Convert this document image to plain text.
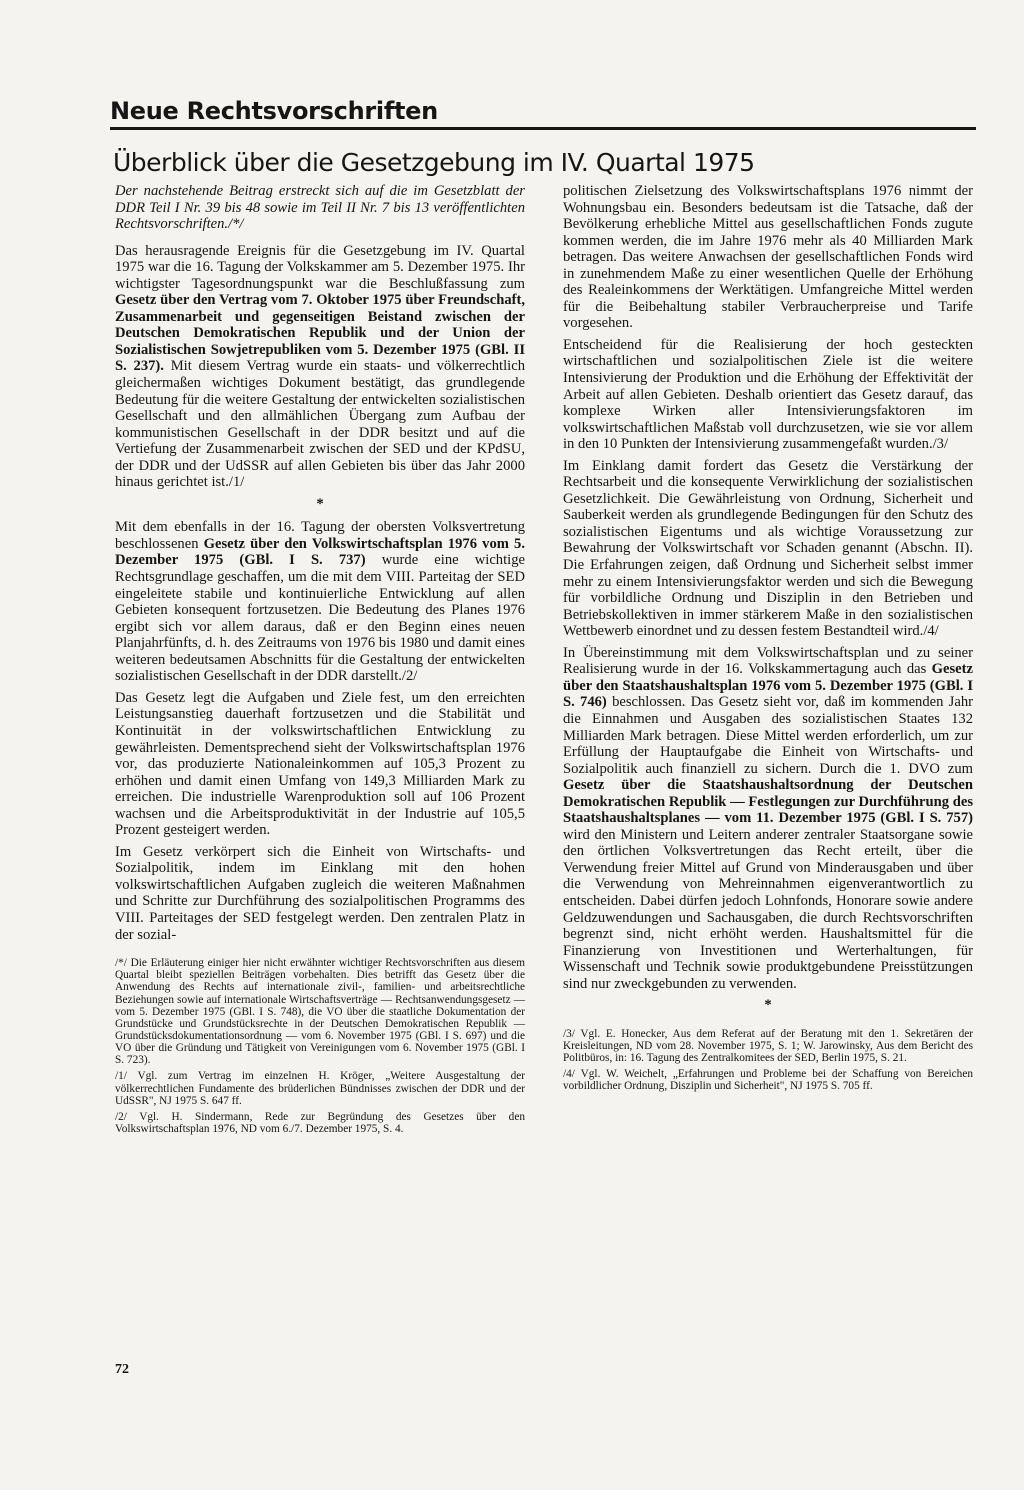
Neue Rechtsvorschriften
Überblick über die Gesetzgebung im IV. Quartal 1975

Der nachstehende Beitrag erstreckt sich auf die im Gesetzblatt der DDR Teil I Nr. 39 bis 48 sowie im Teil II Nr. 7 bis 13 veröffentlichten Rechtsvorschriften./*/

Das herausragende Ereignis für die Gesetzgebung im IV. Quartal 1975 war die 16. Tagung der Volkskammer am 5. Dezember 1975. Ihr wichtigster Tagesordnungspunkt war die Beschlußfassung zum Gesetz über den Vertrag vom 7. Oktober 1975 über Freundschaft, Zusammenarbeit und gegenseitigen Beistand zwischen der Deutschen Demokratischen Republik und der Union der Sozialistischen Sowjetrepubliken vom 5. Dezember 1975 (GBl. II S. 237). Mit diesem Vertrag wurde ein staats- und völkerrechtlich gleichermaßen wichtiges Dokument bestätigt, das grundlegende Bedeutung für die weitere Gestaltung der entwickelten sozialistischen Gesellschaft und den allmählichen Übergang zum Aufbau der kommunistischen Gesellschaft in der DDR besitzt und auf die Vertiefung der Zusammenarbeit zwischen der SED und der KPdSU, der DDR und der UdSSR auf allen Gebieten bis über das Jahr 2000 hinaus gerichtet ist./1/

*

Mit dem ebenfalls in der 16. Tagung der obersten Volksvertretung beschlossenen Gesetz über den Volkswirtschaftsplan 1976 vom 5. Dezember 1975 (GBl. I S. 737) wurde eine wichtige Rechtsgrundlage geschaffen, um die mit dem VIII. Parteitag der SED eingeleitete stabile und kontinuierliche Entwicklung auf allen Gebieten konsequent fortzusetzen. Die Bedeutung des Planes 1976 ergibt sich vor allem daraus, daß er den Beginn eines neuen Planjahrfünfts, d. h. des Zeitraums von 1976 bis 1980 und damit eines weiteren bedeutsamen Abschnitts für die Gestaltung der entwickelten sozialistischen Gesellschaft in der DDR darstellt./2/

Das Gesetz legt die Aufgaben und Ziele fest, um den erreichten Leistungsanstieg dauerhaft fortzusetzen und die Stabilität und Kontinuität in der volkswirtschaftlichen Entwicklung zu gewährleisten. Dementsprechend sieht der Volkswirtschaftsplan 1976 vor, das produzierte Nationaleinkommen auf 105,3 Prozent zu erhöhen und damit einen Umfang von 149,3 Milliarden Mark zu erreichen. Die industrielle Warenproduktion soll auf 106 Prozent wachsen und die Arbeitsproduktivität in der Industrie auf 105,5 Prozent gesteigert werden.

Im Gesetz verkörpert sich die Einheit von Wirtschafts- und Sozialpolitik, indem im Einklang mit den hohen volkswirtschaftlichen Aufgaben zugleich die weiteren Maßnahmen und Schritte zur Durchführung des sozialpolitischen Programms des VIII. Parteitages der SED festgelegt werden. Den zentralen Platz in der sozial-

/*/ Die Erläuterung einiger hier nicht erwähnter wichtiger Rechtsvorschriften aus diesem Quartal bleibt speziellen Beiträgen vorbehalten. Dies betrifft das Gesetz über die Anwendung des Rechts auf internationale zivil-, familien- und arbeitsrechtliche Beziehungen sowie auf internationale Wirtschaftsverträge — Rechtsanwendungsgesetz — vom 5. Dezember 1975 (GBl. I S. 748), die VO über die staatliche Dokumentation der Grundstücke und Grundstücksrechte in der Deutschen Demokratischen Republik — Grundstücksdokumentationsordnung — vom 6. November 1975 (GBl. I S. 697) und die VO über die Gründung und Tätigkeit von Vereinigungen vom 6. November 1975 (GBl. I S. 723).

/1/ Vgl. zum Vertrag im einzelnen H. Kröger, „Weitere Ausgestaltung der völkerrechtlichen Fundamente des brüderlichen Bündnisses zwischen der DDR und der UdSSR", NJ 1975 S. 647 ff.

/2/ Vgl. H. Sindermann, Rede zur Begründung des Gesetzes über den Volkswirtschaftsplan 1976, ND vom 6./7. Dezember 1975, S. 4.

politischen Zielsetzung des Volkswirtschaftsplans 1976 nimmt der Wohnungsbau ein. Besonders bedeutsam ist die Tatsache, daß der Bevölkerung erhebliche Mittel aus gesellschaftlichen Fonds zugute kommen werden, die im Jahre 1976 mehr als 40 Milliarden Mark betragen. Das weitere Anwachsen der gesellschaftlichen Fonds wird in zunehmendem Maße zu einer wesentlichen Quelle der Erhöhung des Realeinkommens der Werktätigen. Umfangreiche Mittel werden für die Beibehaltung stabiler Verbraucherpreise und Tarife vorgesehen.

Entscheidend für die Realisierung der hoch gesteckten wirtschaftlichen und sozialpolitischen Ziele ist die weitere Intensivierung der Produktion und die Erhöhung der Effektivität der Arbeit auf allen Gebieten. Deshalb orientiert das Gesetz darauf, das komplexe Wirken aller Intensivierungsfaktoren im volkswirtschaftlichen Maßstab voll durchzusetzen, wie sie vor allem in den 10 Punkten der Intensivierung zusammengefaßt wurden./3/

Im Einklang damit fordert das Gesetz die Verstärkung der Rechtsarbeit und die konsequente Verwirklichung der sozialistischen Gesetzlichkeit. Die Gewährleistung von Ordnung, Sicherheit und Sauberkeit werden als grundlegende Bedingungen für den Schutz des sozialistischen Eigentums und als wichtige Voraussetzung zur Bewahrung der Volkswirtschaft vor Schaden genannt (Abschn. II). Die Erfahrungen zeigen, daß Ordnung und Sicherheit selbst immer mehr zu einem Intensivierungsfaktor werden und sich die Bewegung für vorbildliche Ordnung und Disziplin in den Betrieben und Betriebskollektiven in immer stärkerem Maße in den sozialistischen Wettbewerb einordnet und zu dessen festem Bestandteil wird./4/

In Übereinstimmung mit dem Volkswirtschaftsplan und zu seiner Realisierung wurde in der 16. Volkskammertagung auch das Gesetz über den Staatshaushaltsplan 1976 vom 5. Dezember 1975 (GBl. I S. 746) beschlossen. Das Gesetz sieht vor, daß im kommenden Jahr die Einnahmen und Ausgaben des sozialistischen Staates 132 Milliarden Mark betragen. Diese Mittel werden erforderlich, um zur Erfüllung der Hauptaufgabe die Einheit von Wirtschafts- und Sozialpolitik auch finanziell zu sichern. Durch die 1. DVO zum Gesetz über die Staatshaushaltsordnung der Deutschen Demokratischen Republik — Festlegungen zur Durchführung des Staatshaushaltsplanes — vom 11. Dezember 1975 (GBl. I S. 757) wird den Ministern und Leitern anderer zentraler Staatsorgane sowie den örtlichen Volksvertretungen das Recht erteilt, über die Verwendung freier Mittel auf Grund von Minderausgaben und über die Verwendung von Mehreinnahmen eigenverantwortlich zu entscheiden. Dabei dürfen jedoch Lohnfonds, Honorare sowie andere Geldzuwendungen und Sachausgaben, die durch Rechtsvorschriften begrenzt sind, nicht erhöht werden. Haushaltsmittel für die Finanzierung von Investitionen und Werterhaltungen, für Wissenschaft und Technik sowie produktgebundene Preisstützungen sind nur zweckgebunden zu verwenden.

*

/3/ Vgl. E. Honecker, Aus dem Referat auf der Beratung mit den 1. Sekretären der Kreisleitungen, ND vom 28. November 1975, S. 1; W. Jarowinsky, Aus dem Bericht des Politbüros, in: 16. Tagung des Zentralkomitees der SED, Berlin 1975, S. 21.

/4/ Vgl. W. Weichelt, „Erfahrungen und Probleme bei der Schaffung von Bereichen vorbildlicher Ordnung, Disziplin und Sicherheit", NJ 1975 S. 705 ff.

72
